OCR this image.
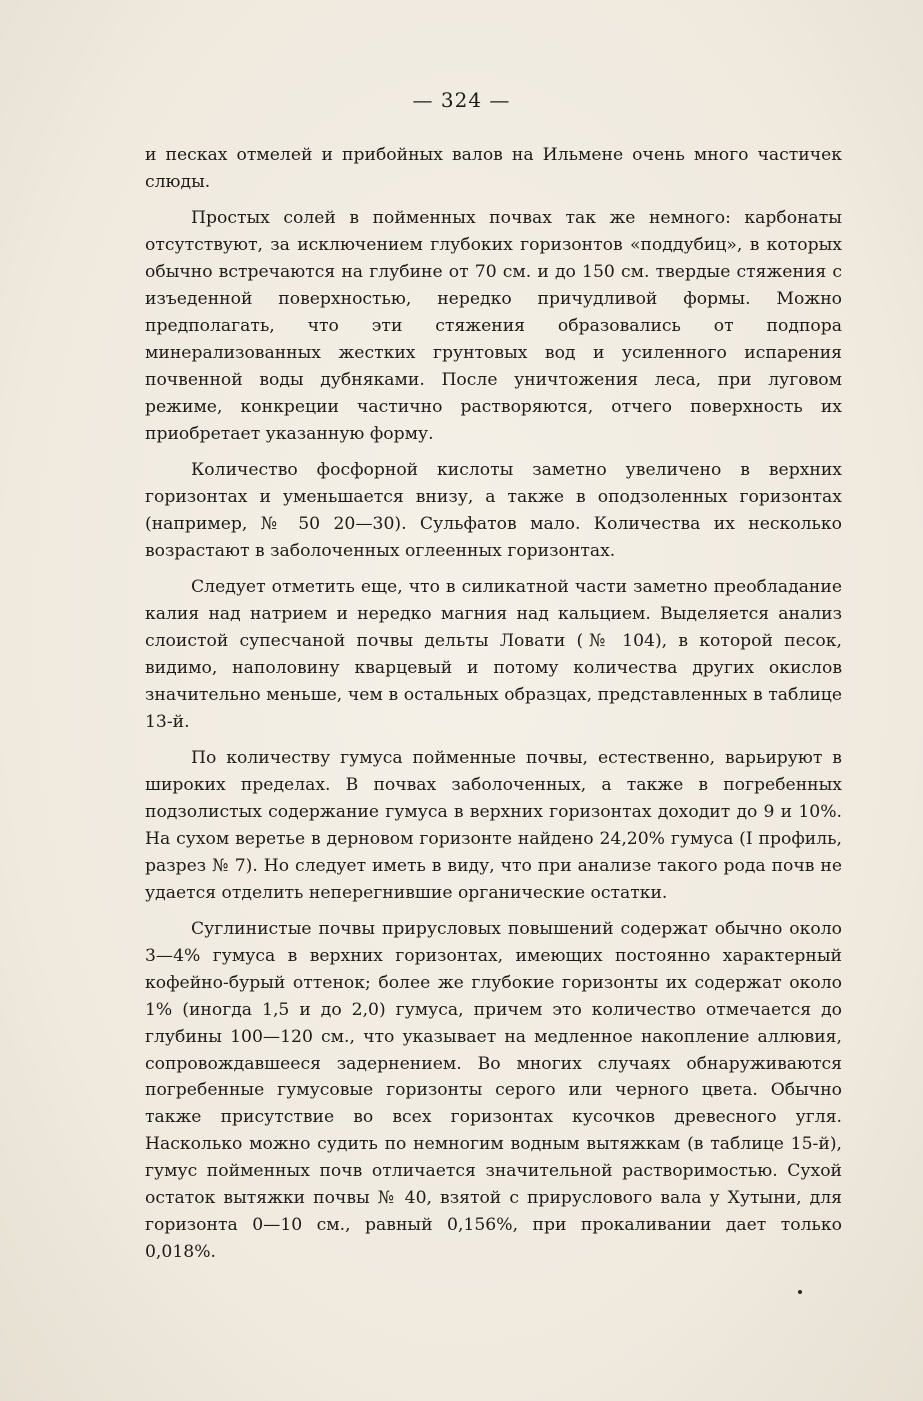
— 324 —

и песках отмелей и прибойных валов на Ильмене очень много частичек слюды.

Простых солей в пойменных почвах так же немного: карбонаты отсутствуют, за исключением глубоких горизонтов «поддубиц», в которых обычно встречаются на глубине от 70 см. и до 150 см. твердые стяжения с изъеденной поверхностью, нередко причудливой формы. Можно предполагать, что эти стяжения образовались от подпора минерализованных жестких грунтовых вод и усиленного испарения почвенной воды дубняками. После уничтожения леса, при луговом режиме, конкреции частично растворяются, отчего поверхность их приобретает указанную форму.

Количество фосфорной кислоты заметно увеличено в верхних горизонтах и уменьшается внизу, а также в оподзоленных горизонтах (например, № 50 20—30). Сульфатов мало. Количества их несколько возрастают в заболоченных оглеенных горизонтах.

Следует отметить еще, что в силикатной части заметно преобладание калия над натрием и нередко магния над кальцием. Выделяется анализ слоистой супесчаной почвы дельты Ловати (№ 104), в которой песок, видимо, наполовину кварцевый и потому количества других окислов значительно меньше, чем в остальных образцах, представленных в таблице 13-й.

По количеству гумуса пойменные почвы, естественно, варьируют в широких пределах. В почвах заболоченных, а также в погребенных подзолистых содержание гумуса в верхних горизонтах доходит до 9 и 10%. На сухом веретье в дерновом горизонте найдено 24,20% гумуса (I профиль, разрез № 7). Но следует иметь в виду, что при анализе такого рода почв не удается отделить неперегнившие органические остатки.

Суглинистые почвы прирусловых повышений содержат обычно около 3—4% гумуса в верхних горизонтах, имеющих постоянно характерный кофейно-бурый оттенок; более же глубокие горизонты их содержат около 1% (иногда 1,5 и до 2,0) гумуса, причем это количество отмечается до глубины 100—120 см., что указывает на медленное накопление аллювия, сопровождавшееся задернением. Во многих случаях обнаруживаются погребенные гумусовые горизонты серого или черного цвета. Обычно также присутствие во всех горизонтах кусочков древесного угля. Насколько можно судить по немногим водным вытяжкам (в таблице 15-й), гумус пойменных почв отличается значительной растворимостью. Сухой остаток вытяжки почвы № 40, взятой с прируслового вала у Хутыни, для горизонта 0—10 см., равный 0,156%, при прокаливании дает только 0,018%.
